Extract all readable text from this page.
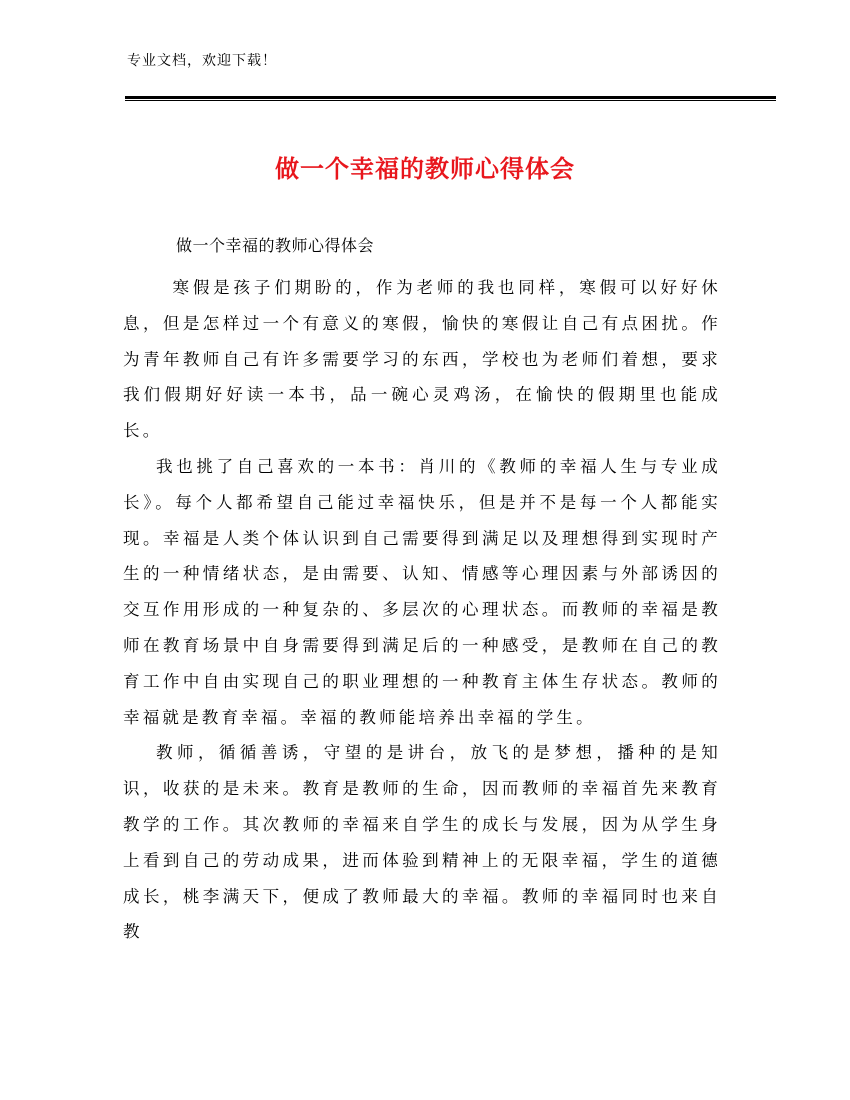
专业文档，欢迎下载！
做一个幸福的教师心得体会
做一个幸福的教师心得体会

寒假是孩子们期盼的，作为老师的我也同样，寒假可以好好休息，但是怎样过一个有意义的寒假，愉快的寒假让自己有点困扰。作为青年教师自己有许多需要学习的东西，学校也为老师们着想，要求我们假期好好读一本书，品一碗心灵鸡汤，在愉快的假期里也能成长。

我也挑了自己喜欢的一本书：肖川的《教师的幸福人生与专业成长》。每个人都希望自己能过幸福快乐，但是并不是每一个人都能实现。幸福是人类个体认识到自己需要得到满足以及理想得到实现时产生的一种情绪状态，是由需要、认知、情感等心理因素与外部诱因的交互作用形成的一种复杂的、多层次的心理状态。而教师的幸福是教师在教育场景中自身需要得到满足后的一种感受，是教师在自己的教育工作中自由实现自己的职业理想的一种教育主体生存状态。教师的幸福就是教育幸福。幸福的教师能培养出幸福的学生。

教师，循循善诱，守望的是讲台，放飞的是梦想，播种的是知识，收获的是未来。教育是教师的生命，因而教师的幸福首先来教育教学的工作。其次教师的幸福来自学生的成长与发展，因为从学生身上看到自己的劳动成果，进而体验到精神上的无限幸福，学生的道德成长，桃李满天下，便成了教师最大的幸福。教师的幸福同时也来自教
